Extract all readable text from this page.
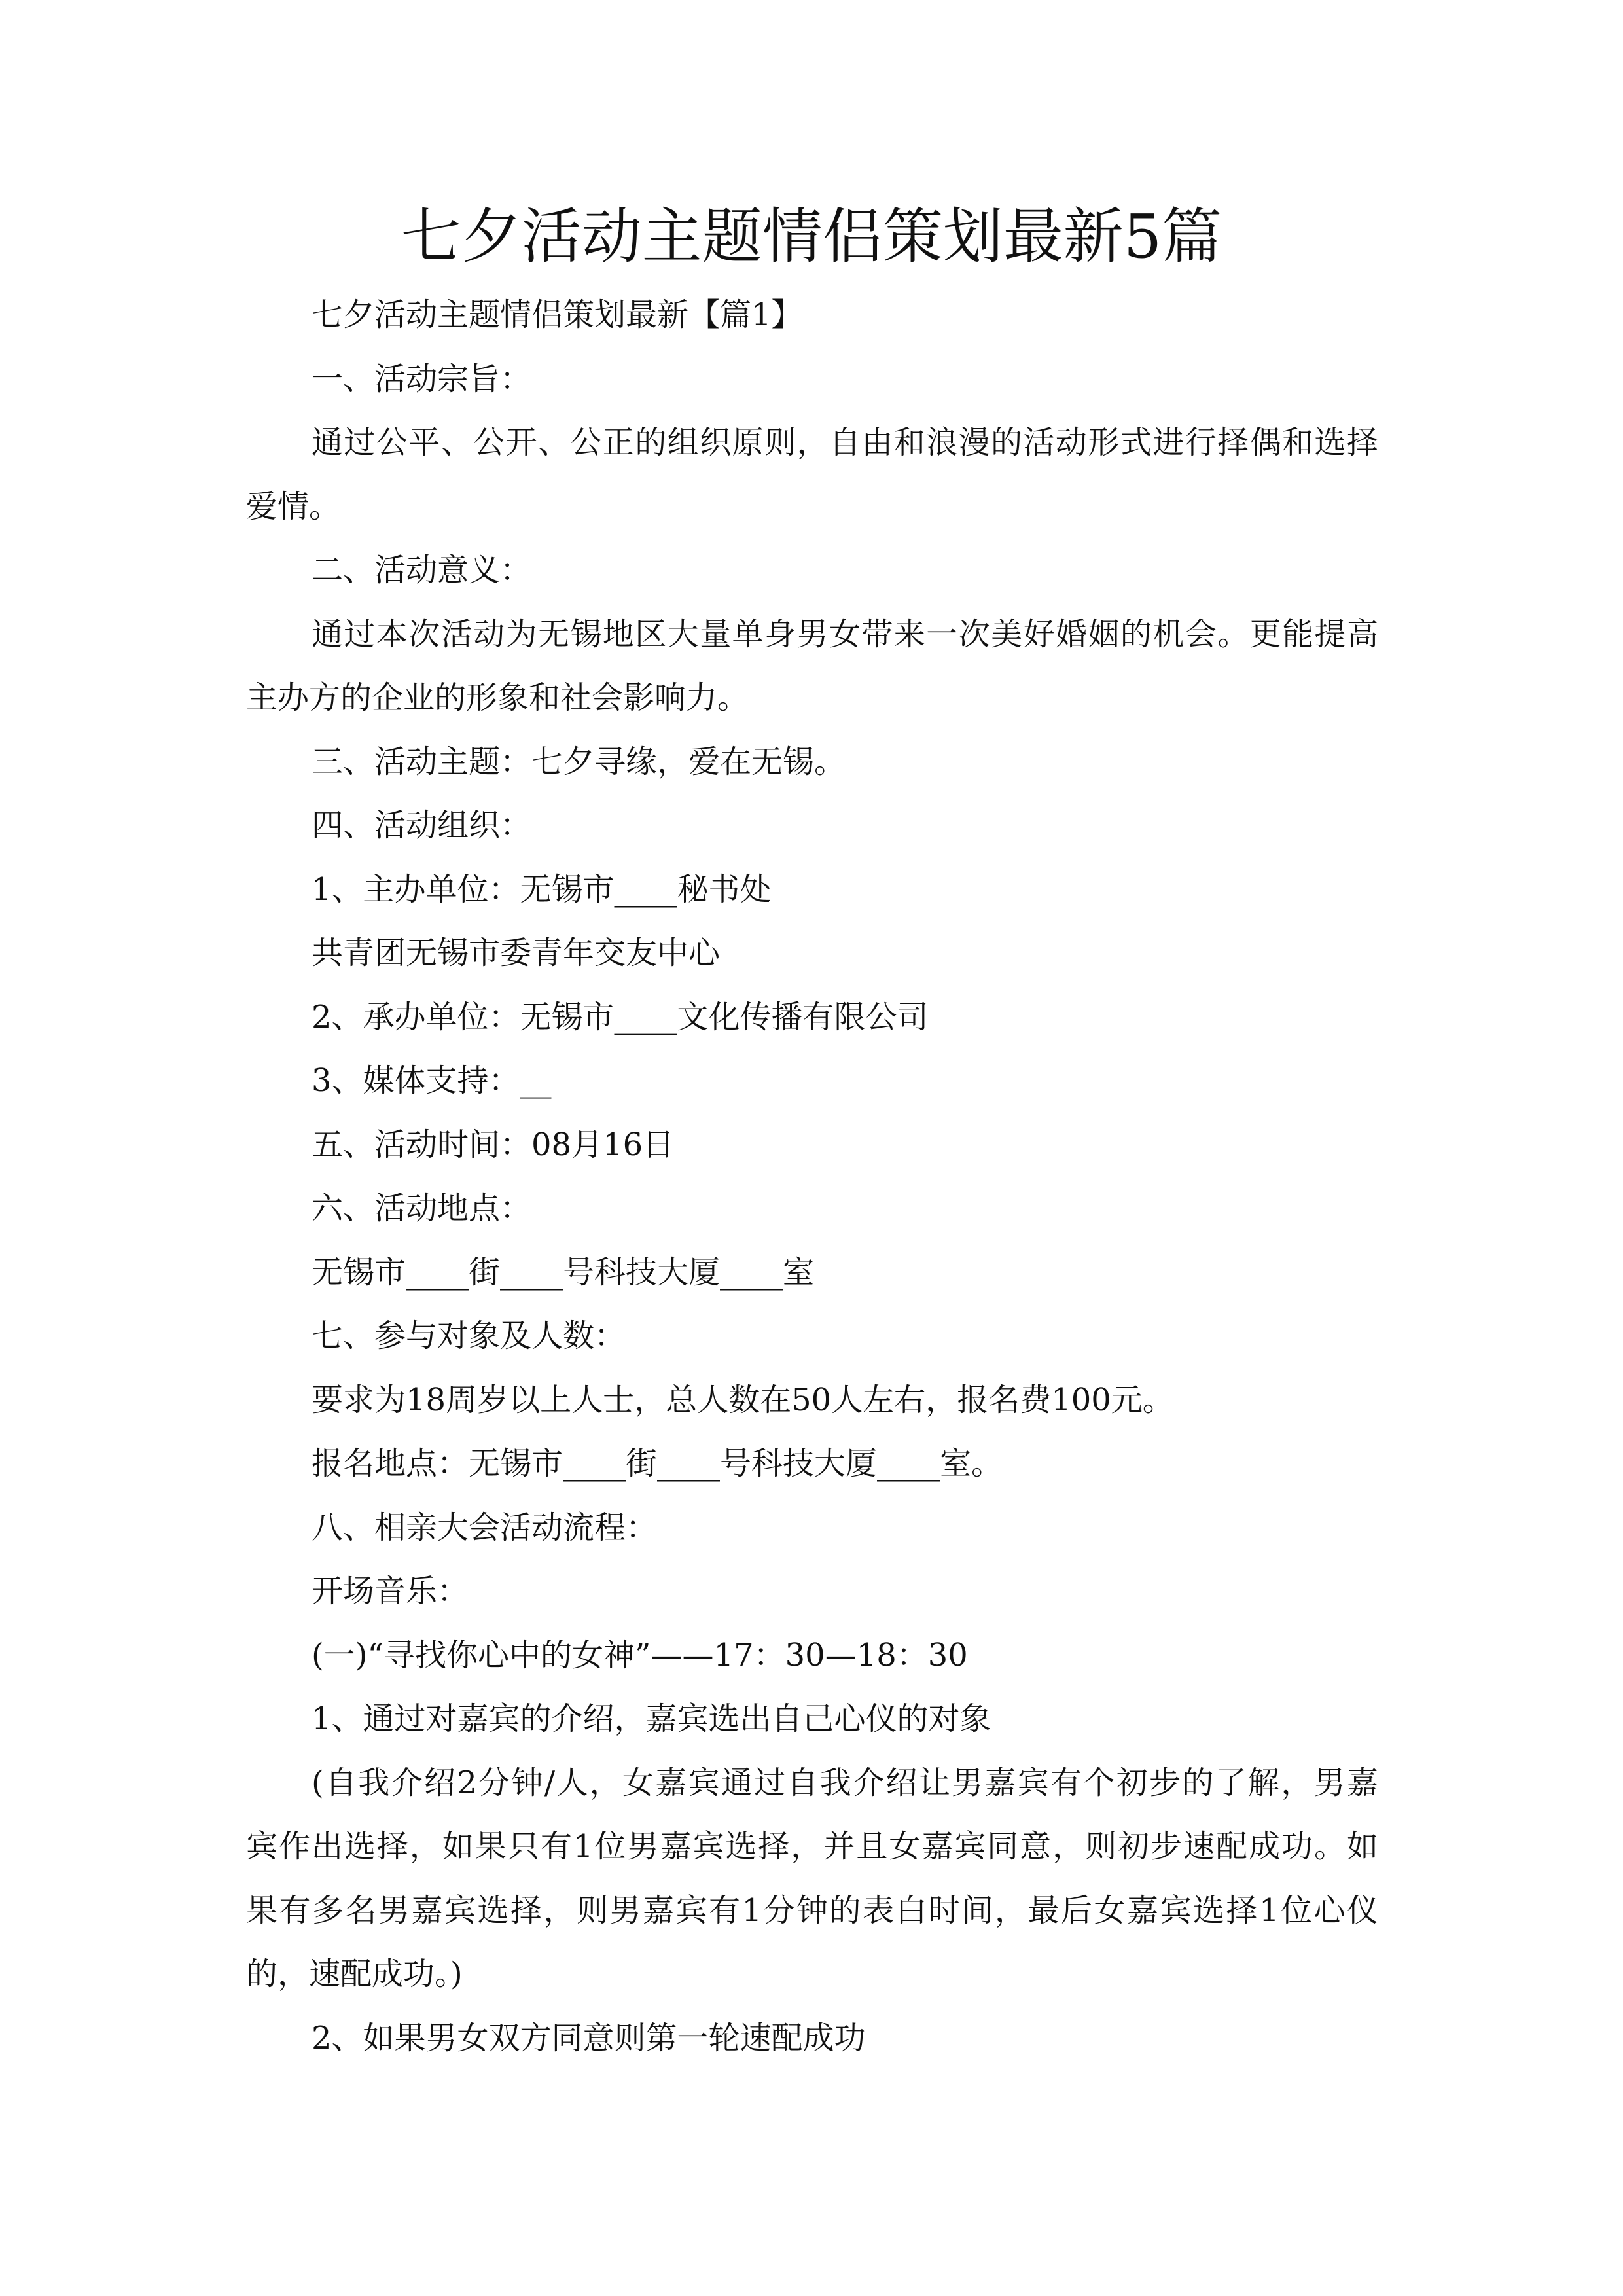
七夕活动主题情侣策划最新5篇
七夕活动主题情侣策划最新【篇1】
一、活动宗旨：
通过公平、公开、公正的组织原则，自由和浪漫的活动形式进行择偶和选择
爱情。
二、活动意义：
通过本次活动为无锡地区大量单身男女带来一次美好婚姻的机会。更能提高
主办方的企业的形象和社会影响力。
三、活动主题：七夕寻缘，爱在无锡。
四、活动组织：
1、主办单位：无锡市____秘书处
共青团无锡市委青年交友中心
2、承办单位：无锡市____文化传播有限公司
3、媒体支持：__
五、活动时间：08月16日
六、活动地点：
无锡市____街____号科技大厦____室
七、参与对象及人数：
要求为18周岁以上人士，总人数在50人左右，报名费100元。
报名地点：无锡市____街____号科技大厦____室。
八、相亲大会活动流程：
开场音乐：
(一)“寻找你心中的女神”——17：30—18：30
1、通过对嘉宾的介绍，嘉宾选出自己心仪的对象
(自我介绍2分钟/人，女嘉宾通过自我介绍让男嘉宾有个初步的了解，男嘉
宾作出选择，如果只有1位男嘉宾选择，并且女嘉宾同意，则初步速配成功。如
果有多名男嘉宾选择，则男嘉宾有1分钟的表白时间，最后女嘉宾选择1位心仪
的，速配成功。)
2、如果男女双方同意则第一轮速配成功
